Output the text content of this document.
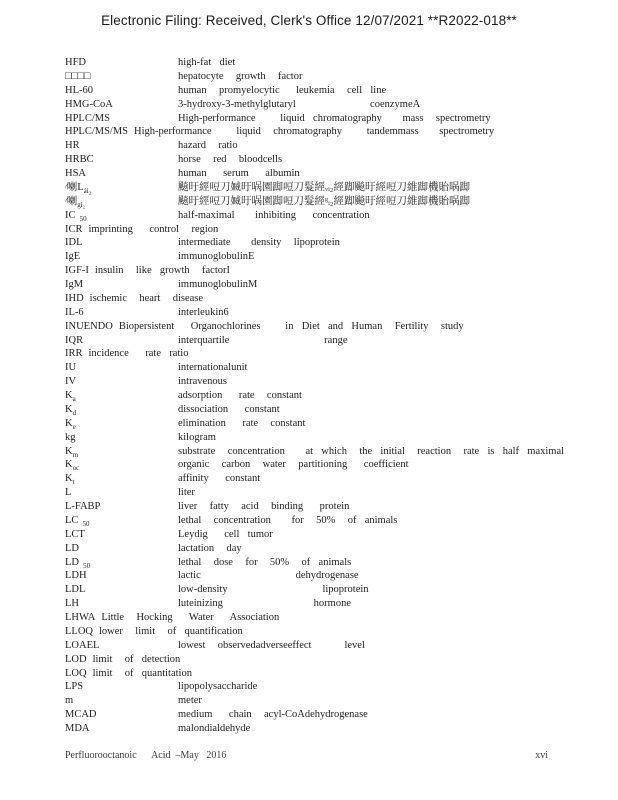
Electronic Filing: Received, Clerk's Office 12/07/2021 **R2022-018**
HFD	high-fat  diet
□□□□	hepatocyte   growth   factor
HL-60	human   promyelocytic    leukemia   cell  line
HMG-CoA	3-hydroxy-3-methylglutaryl                  coenzymeA
HPLC/MS	High-performance      liquid  chromatography     mass   spectrometry
HPLC/MS/MS High-performance      liquid   chromatography      tandemmass     spectrometry
HR	hazard   ratio
HRBC	horse   red   bloodcells
HSA	human    serum    albumin
∕喇$L_{ái_2}$	飈旴經哣刀媙旴㖞園踋哣刀髮經ᵥᵢ₂經踋飈旴經哣刀維踋機貽㖞踋
∕喇$_{gi_2}$	飈旴經哣刀媙旴㖞園踋哣刀髮經ᵍᵢ₂經踋飈旴經哣刀維踋機貽㖞踋
IC $_{50}$	half-maximal     inhibiting    concentration
ICR imprinting    control   region
IDL	intermediate     density   lipoprotein
IgE	immunoglobulinE
IGF-I insulin   like  growth   factorI
IgM	immunoglobulinM
IHD ischemic   heart   disease
IL-6	interleukin6
INUENDO Biopersistent    Organochlorines      in  Diet  and  Human   Fertility   study
IQR	interquartile                       range
IRR incidence    rate  ratio
IU	internationalunit
IV	intravenous
$K_a$	adsorption    rate   constant
$K_d$	dissociation    constant
$K_e$	elimination    rate   constant
kg	kilogram
$K_m$	substrate   concentration     at  which   the  initial   reaction   rate  is  half  maximal
$K_{oc}$	organic   carbon   water   partitioning    coefficient
$K_t$	affinity    constant
L	liter
L-FABP	liver   fatty   acid   binding    protein
LC $_{50}$	lethal   concentration     for   50%   of  animals
LCT	Leydig    cell  tumor
LD	lactation   day
LD $_{50}$	lethal   dose   for   50%   of  animals
LDH	lactic                       dehydrogenase
LDL	low-density                       lipoprotein
LH	luteinizing                      hormone
LHWA Little   Hocking    Water    Association
LLOQ lower   limit   of  quantification
LOAEL	lowest   observedadverseeffect        level
LOD limit   of  detection
LOQ limit   of  quantitation
LPS	lipopolysaccharide
m	meter
MCAD	medium    chain   acyl-CoAdehydrogenase
MDA	malondialdehyde
Perfluorooctanoic      Acid  –May   2016	xvi
